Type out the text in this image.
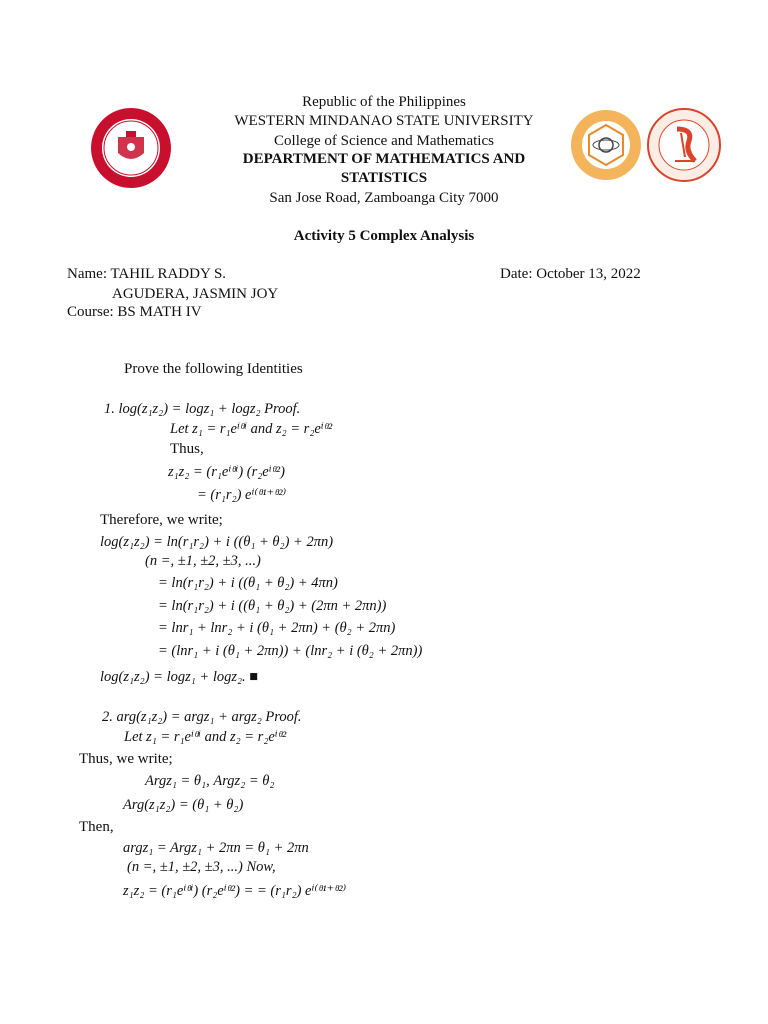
Republic of the Philippines
WESTERN MINDANAO STATE UNIVERSITY
College of Science and Mathematics
DEPARTMENT OF MATHEMATICS AND
STATISTICS
San Jose Road, Zamboanga City 7000
Activity 5 Complex Analysis
Name: TAHIL RADDY S.
AGUDERA, JASMIN JOY
Date: October 13, 2022
Course: BS MATH IV
Prove the following Identities
1. log(z₁z₂) = logz₁ + logz₂ Proof.
Let z₁ = r₁eⁱᶿⁱ and z₂ = r₂eⁱᶿ²
Thus,
z₁z₂ = (r₁eⁱᶿⁱ) (r₂eⁱᶿ²)
= (r₁r₂) eⁱ⁽ᶿ¹⁺ᶿ²⁾
Therefore, we write;
log(z₁z₂) = ln(r₁r₂) + i ((θ₁ + θ₂) + 2πn)
(n =, ±1, ±2, ±3, ...)
= ln(r₁r₂) + i ((θ₁ + θ₂) + 4πn)
= ln(r₁r₂) + i ((θ₁ + θ₂) + (2πn + 2πn))
= lnr₁ + lnr₂ + i (θ₁ + 2πn) + (θ₂ + 2πn)
= (lnr₁ + i (θ₁ + 2πn)) + (lnr₂ + i (θ₂ + 2πn))
log(z₁z₂) = logz₁ + logz₂. ■
2. arg(z₁z₂) = argz₁ + argz₂ Proof.
Let z₁ = r₁eⁱᶿⁱ and z₂ = r₂eⁱᶿ²
Thus, we write;
Argz₁ = θ₁, Argz₂ = θ₂
Arg(z₁z₂) = (θ₁ + θ₂)
Then,
argz₁ = Argz₁ + 2πn = θ₁ + 2πn
(n =, ±1, ±2, ±3, ...) Now,
z₁z₂ = (r₁eⁱᶿⁱ) (r₂eⁱᶿ²) = = (r₁r₂) eⁱ⁽ᶿ¹⁺ᶿ²⁾
